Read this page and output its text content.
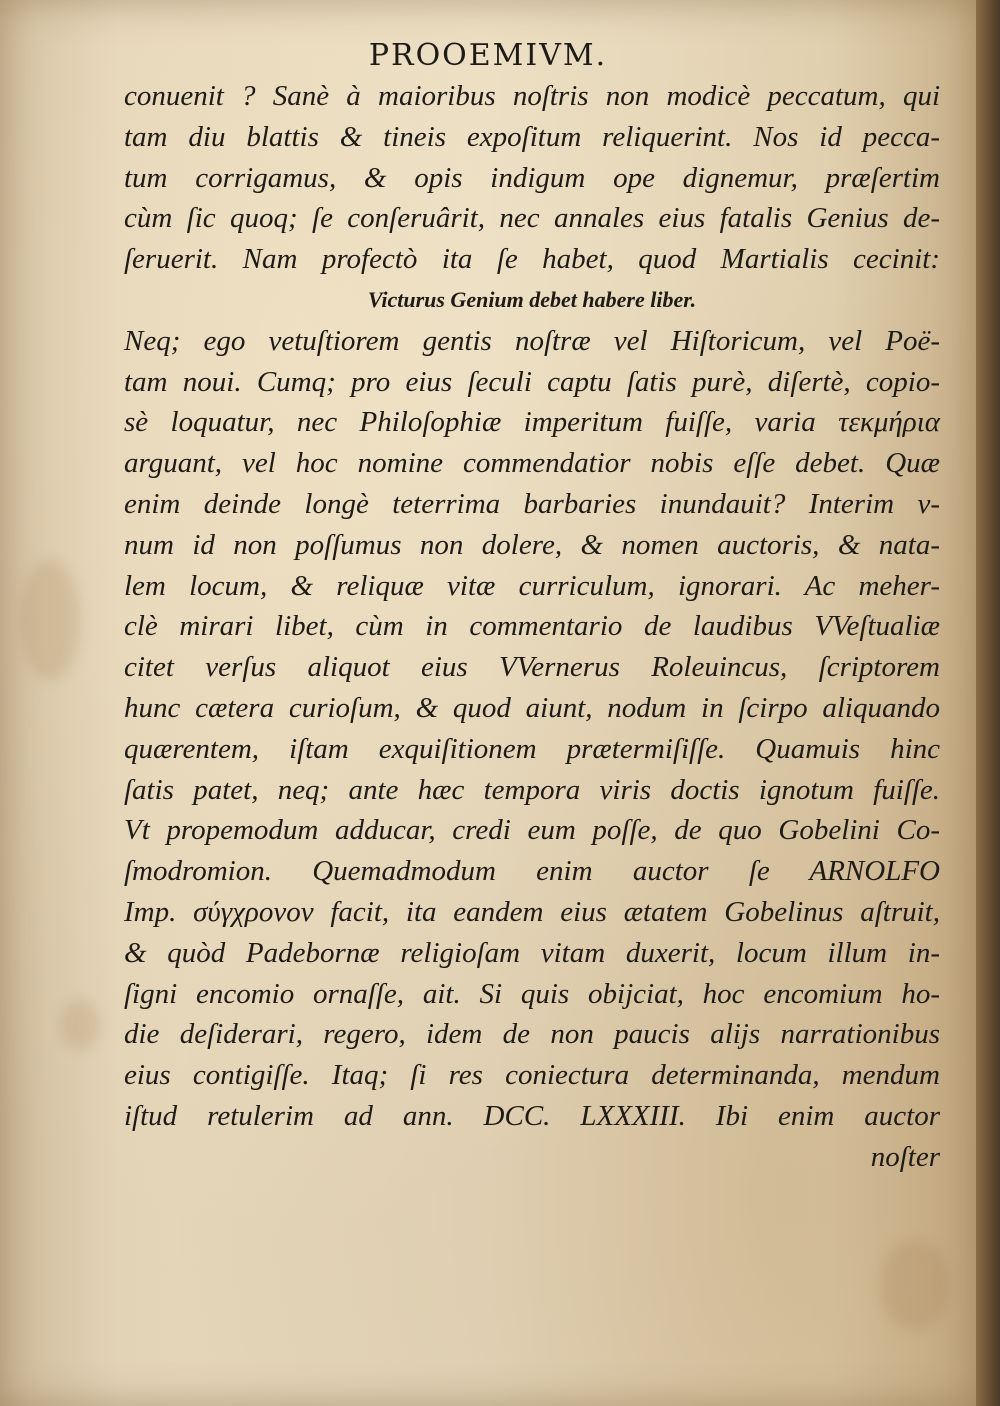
PROOEMIVM.
conuenit ? Sanè à maioribus noſtris non modicè peccatum, qui
tam diu blattis & tineis expoſitum reliquerint. Nos id pecca-
tum corrigamus, & opis indigum ope dignemur, præſertim
cùm ſic quoq; ſe conſeruârit, nec annales eius fatalis Genius de-
ſeruerit. Nam profectò ita ſe habet, quod Martialis cecinit:
Victurus Genium debet habere liber.
Neq; ego vetuſtiorem gentis noſtræ vel Hiſtoricum, vel Poë-
tam noui. Cumq; pro eius ſeculi captu ſatis purè, diſertè, copio-
sè loquatur, nec Philoſophiæ imperitum fuiſſe, varia τεκμήρια
arguant, vel hoc nomine commendatior nobis eſſe debet. Quæ
enim deinde longè teterrima barbaries inundauit? Interim v-
num id non poſſumus non dolere, & nomen auctoris, & nata-
lem locum, & reliquæ vitæ curriculum, ignorari. Ac meher-
clè mirari libet, cùm in commentario de laudibus VVeſtualiæ
citet verſus aliquot eius VVernerus Roleuincus, ſcriptorem
hunc cætera curioſum, & quod aiunt, nodum in ſcirpo aliquando
quærentem, iſtam exquiſitionem prætermiſiſſe. Quamuis hinc
ſatis patet, neq; ante hæc tempora viris doctis ignotum fuiſſe.
Vt propemodum adducar, credi eum poſſe, de quo Gobelini Co-
ſmodromion. Quemadmodum enim auctor ſe ARNOLFO
Imp. σύγχρονον facit, ita eandem eius ætatem Gobelinus aſtruit,
& quòd Padebornæ religioſam vitam duxerit, locum illum in-
ſigni encomio ornaſſe, ait. Si quis obijciat, hoc encomium ho-
die deſiderari, regero, idem de non paucis alijs narrationibus
eius contigiſſe. Itaq; ſi res coniectura determinanda, mendum
iſtud retulerim ad ann. DCC. LXXXIII. Ibi enim auctor
noſter
